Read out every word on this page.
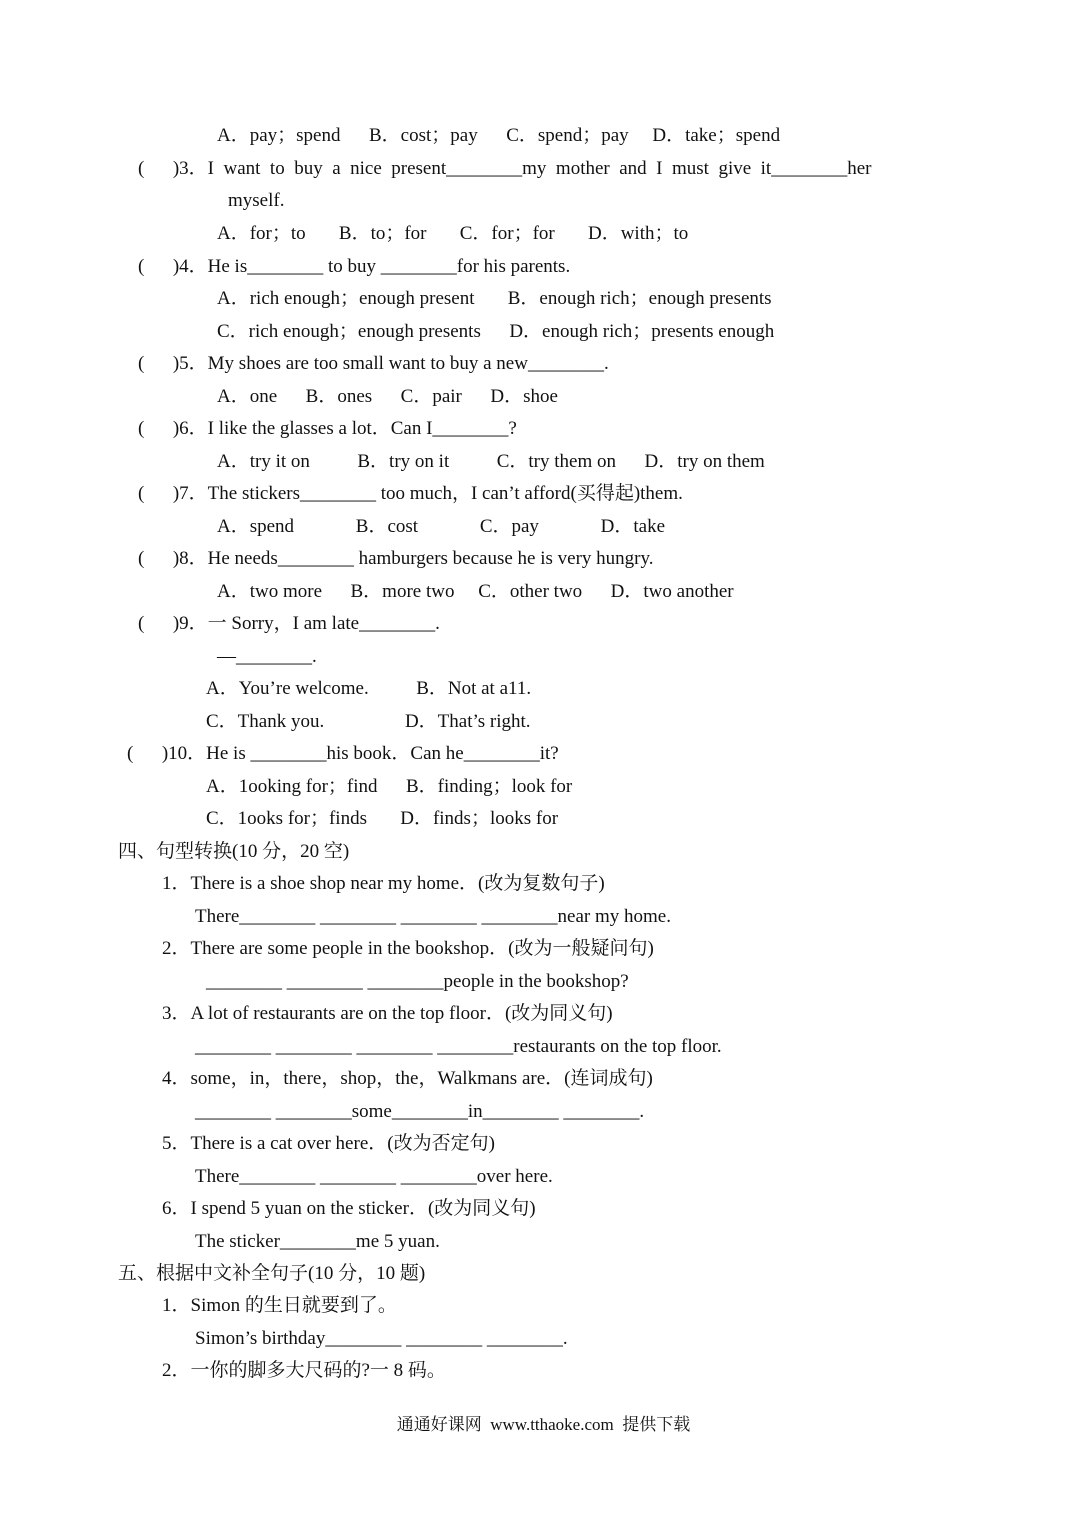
A．pay；spend      B．cost；pay      C．spend；pay     D．take；spend
(      )3．I  want  to  buy  a  nice  present________my  mother  and  I  must  give  it________her
myself.
A．for；to       B．to；for       C．for；for       D．with；to
(      )4．He is________ to buy ________for his parents.
A．rich enough；enough present       B．enough rich；enough presents
C．rich enough；enough presents      D．enough rich；presents enough
(      )5．My shoes are too small want to buy a new________.
A．one      B．ones      C．pair      D．shoe
(      )6．I like the glasses a lot．Can I________?
A．try it on          B．try on it          C．try them on      D．try on them
(      )7．The stickers________ too much，I can’t afford(买得起)them.
A．spend             B．cost             C．pay             D．take
(      )8．He needs________ hamburgers because he is very hungry.
A．two more      B．more two     C．other two      D．two another
(      )9．一 Sorry，I am late________.
—________.
A．You’re welcome.          B．Not at a11.
C．Thank you.                 D．That’s right.
(      )10．He is ________his book．Can he________it?
A．1ooking for；find      B．finding；look for
C．1ooks for；finds       D．finds；looks for
四、句型转换(10 分，20 空)
1．There is a shoe shop near my home．(改为复数句子)
There________ ________ ________ ________near my home.
2．There are some people in the bookshop．(改为一般疑问句)
________ ________ ________people in the bookshop?
3．A lot of restaurants are on the top floor．(改为同义句)
________ ________ ________ ________restaurants on the top floor.
4．some，in，there，shop，the，Walkmans are．(连词成句)
________ ________some________in________ ________.
5．There is a cat over here．(改为否定句)
There________ ________ ________over here.
6．I spend 5 yuan on the sticker．(改为同义句)
The sticker________me 5 yuan.
五、根据中文补全句子(10 分，10 题)
1．Simon 的生日就要到了。
Simon’s birthday________ ________ ________.
2．一你的脚多大尺码的?一 8 码。
通通好课网  www.tthaoke.com  提供下载
